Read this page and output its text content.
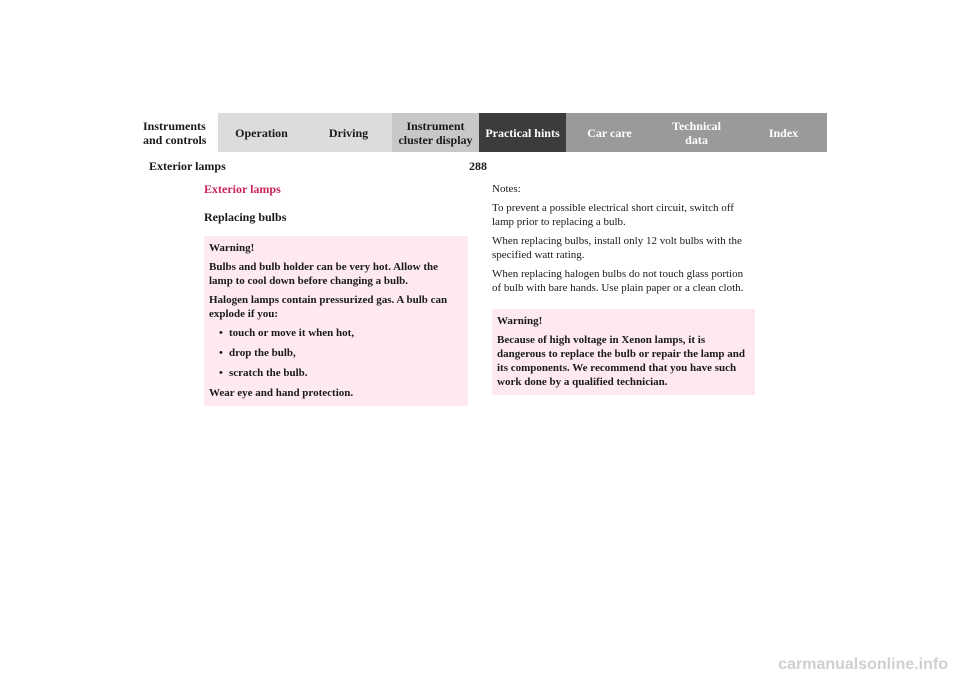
Instruments
and controls	Operation	Driving	Instrument
cluster display	Practical hints	Car care	Technical
data	Index
Exterior lamps	288
Exterior lamps
Replacing bulbs

Warning!

Bulbs and bulb holder can be very hot. Allow the lamp to cool down before changing a bulb.

Halogen lamps contain pressurized gas. A bulb can explode if you:

• touch or move it when hot,
• drop the bulb,
• scratch the bulb.

Wear eye and hand protection.

Notes:

To prevent a possible electrical short circuit, switch off lamp prior to replacing a bulb.

When replacing bulbs, install only 12 volt bulbs with the specified watt rating.

When replacing halogen bulbs do not touch glass portion of bulb with bare hands. Use plain paper or a clean cloth.

Warning!

Because of high voltage in Xenon lamps, it is dangerous to replace the bulb or repair the lamp and its components. We recommend that you have such work done by a qualified technician.

carmanualsonline.info
